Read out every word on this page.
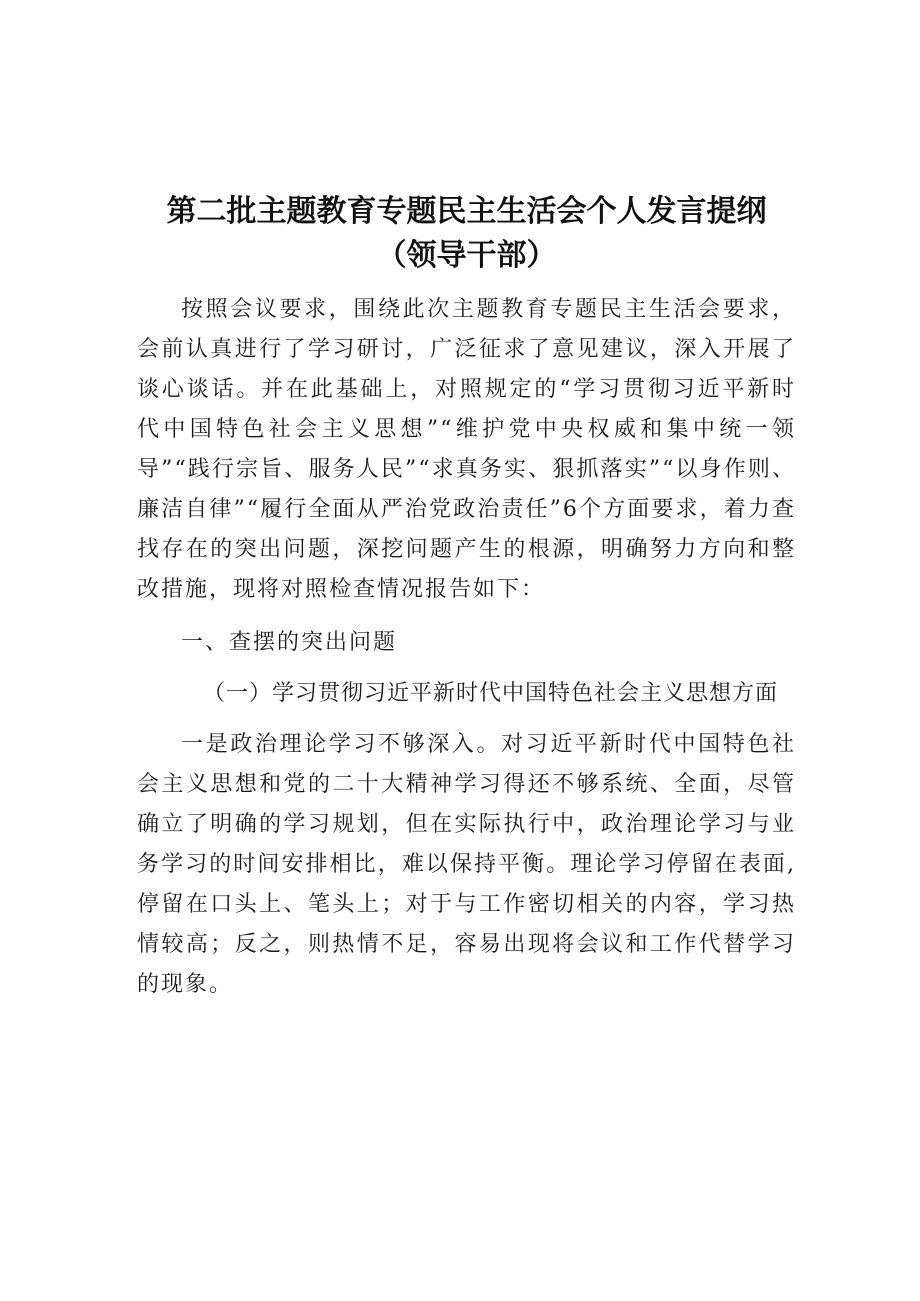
第二批主题教育专题民主生活会个人发言提纲
（领导干部）

按照会议要求，围绕此次主题教育专题民主生活会要求，会前认真进行了学习研讨，广泛征求了意见建议，深入开展了谈心谈话。并在此基础上，对照规定的“学习贯彻习近平新时代中国特色社会主义思想”“维护党中央权威和集中统一领导”“践行宗旨、服务人民”“求真务实、狠抓落实”“以身作则、廉洁自律”“履行全面从严治党政治责任”6个方面要求，着力查找存在的突出问题，深挖问题产生的根源，明确努力方向和整改措施，现将对照检查情况报告如下：

一、查摆的突出问题

（一）学习贯彻习近平新时代中国特色社会主义思想方面

一是政治理论学习不够深入。对习近平新时代中国特色社会主义思想和党的二十大精神学习得还不够系统、全面，尽管确立了明确的学习规划，但在实际执行中，政治理论学习与业务学习的时间安排相比，难以保持平衡。理论学习停留在表面,停留在口头上、笔头上；对于与工作密切相关的内容，学习热情较高；反之，则热情不足，容易出现将会议和工作代替学习的现象。
